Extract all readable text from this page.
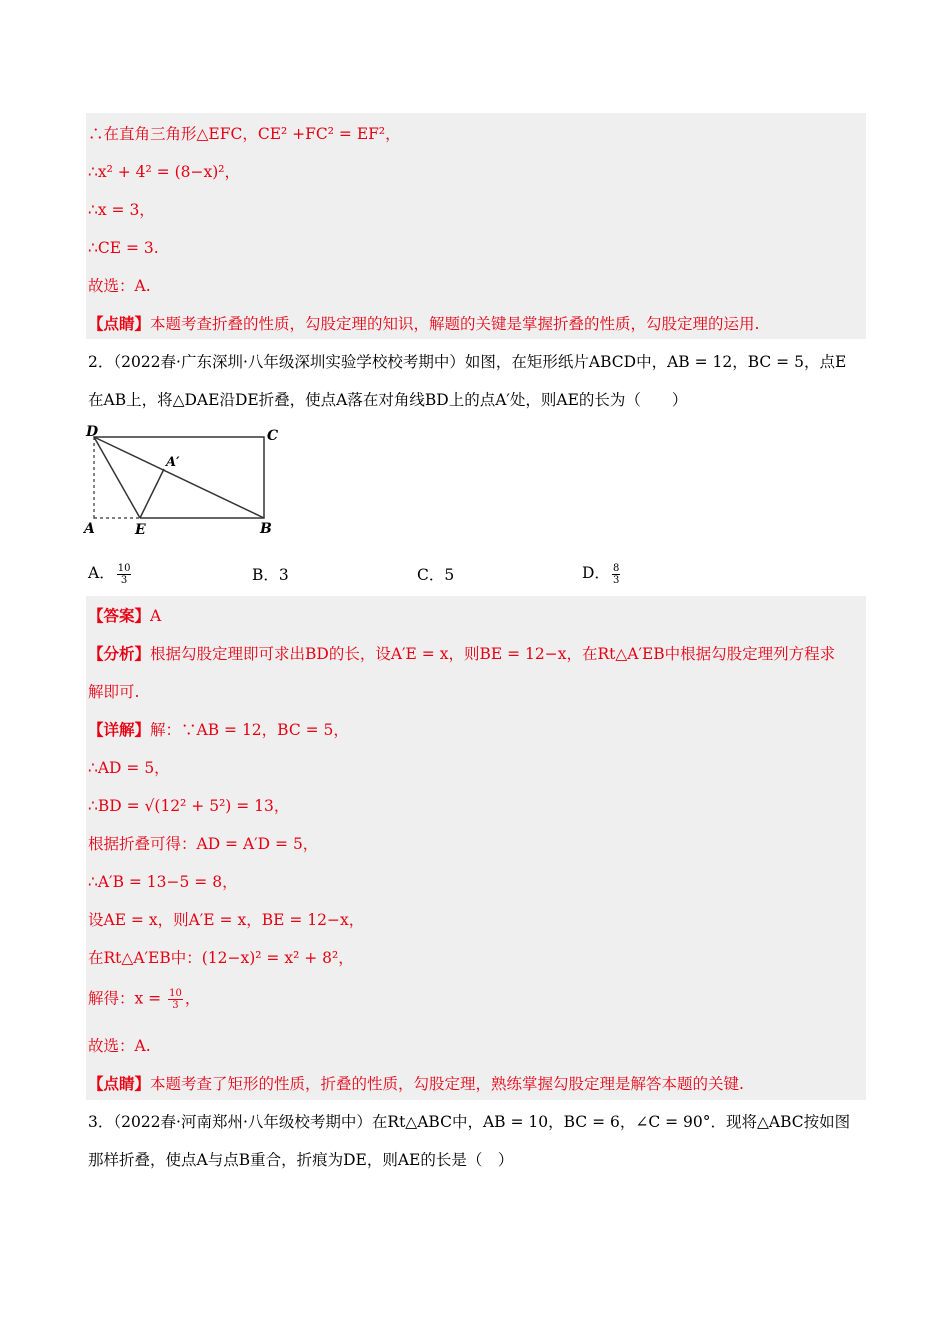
∴在直角三角形△EFC，CE² +FC² = EF²，
∴x² + 4² = (8−x)²，
∴x = 3，
∴CE = 3.
故选：A.
【点睛】本题考查折叠的性质，勾股定理的知识，解题的关键是掌握折叠的性质，勾股定理的运用.
2．（2022春·广东深圳·八年级深圳实验学校校考期中）如图，在矩形纸片ABCD中，AB = 12，BC = 5，点E
在AB上，将△DAE沿DE折叠，使点A落在对角线BD上的点A′处，则AE的长为（　　）
D	C
A′
A	E	B
A． $\frac{10}{3}$	B．3	C．5	D． $\frac{8}{3}$
【答案】A
【分析】根据勾股定理即可求出BD的长，设A′E = x，则BE = 12−x，在Rt△A′EB中根据勾股定理列方程求
解即可.
【详解】解：∵AB = 12，BC = 5，
∴AD = 5，
∴BD = √(12² + 5²) = 13，
根据折叠可得：AD = A′D = 5，
∴A′B = 13−5 = 8，
设AE = x，则A′E = x，BE = 12−x，
在Rt△A′EB中：(12−x)² = x² + 8²，
解得：$x = \frac{10}{3}$ ，
故选：A.
【点睛】本题考查了矩形的性质，折叠的性质，勾股定理，熟练掌握勾股定理是解答本题的关键.
3．（2022春·河南郑州·八年级校考期中）在Rt△ABC中，AB = 10，BC = 6，∠C = 90°．现将△ABC按如图
那样折叠，使点A与点B重合，折痕为DE，则AE的长是（　）
